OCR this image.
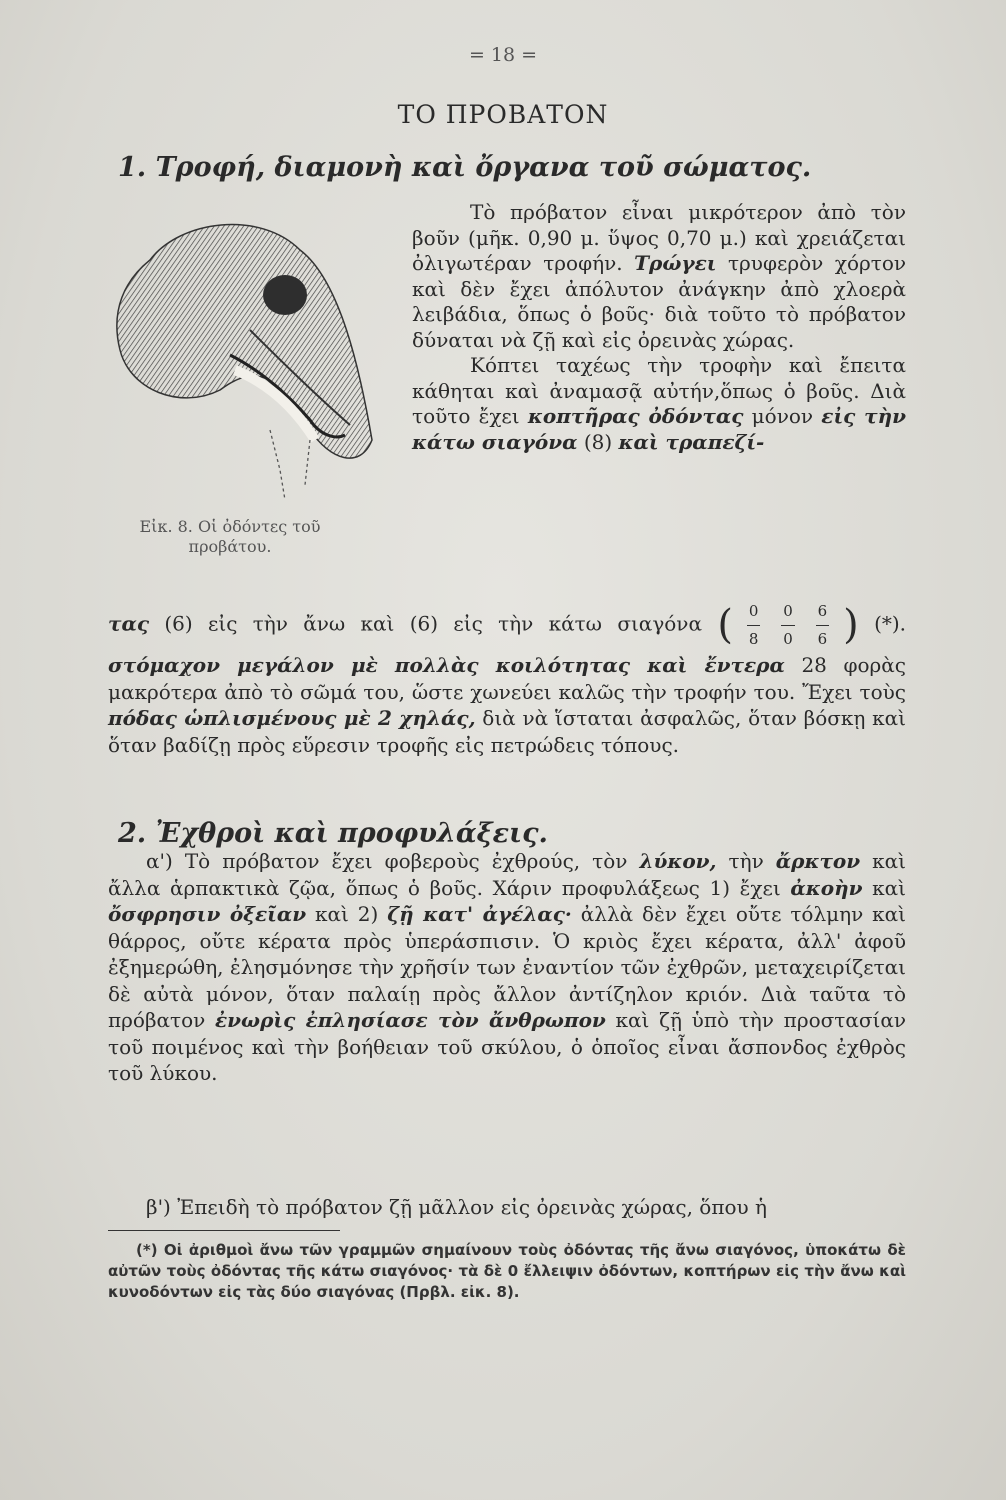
= 18 =
ΤΟ ΠΡΟΒΑΤΟΝ
1. Τροφή, διαμονὴ καὶ ὄργανα τοῦ σώματος.
Εἰκ. 8. Οἱ ὀδόντες τοῦ προβάτου.

Τὸ πρόβατον εἶναι μικρότερον ἀπὸ τὸν βοῦν (μῆκ. 0,90 μ. ὕψος 0,70 μ.) καὶ χρειάζεται ὀλιγωτέραν τροφήν. Τρώγει τρυφερὸν χόρτον καὶ δὲν ἔχει ἀπόλυτον ἀνάγκην ἀπὸ χλοερὰ λειβάδια, ὅπως ὁ βοῦς· διὰ τοῦτο τὸ πρόβατον δύναται νὰ ζῇ καὶ εἰς ὀρεινὰς χώρας.

Κόπτει ταχέως τὴν τροφὴν καὶ ἔπειτα κάθηται καὶ ἀναμασᾷ αὐτήν,ὅπως ὁ βοῦς. Διὰ τοῦτο ἔχει κοπτῆρας ὀδόντας μόνον εἰς τὴν κάτω σιαγόνα (8) καὶ τραπεζί-

τας (6) εἰς τὴν ἄνω καὶ (6) εἰς τὴν κάτω σιαγόνα ( $\frac{0}{8}$
$\frac{0}{0}$
$\frac{6}{6}$ ) (*). στόμαχον μεγάλον μὲ πολλὰς κοιλότητας καὶ ἔντερα 28 φορὰς μακρότερα ἀπὸ τὸ σῶμά του, ὥστε χωνεύει καλῶς τὴν τροφήν του. Ἔχει τοὺς πόδας ὡπλισμένους μὲ 2 χηλάς, διὰ νὰ ἵσταται ἀσφαλῶς, ὅταν βόσκῃ καὶ ὅταν βαδίζῃ πρὸς εὕρεσιν τροφῆς εἰς πετρώδεις τόπους.

2. Ἐχθροὶ καὶ προφυλάξεις.

α') Τὸ πρόβατον ἔχει φοβεροὺς ἐχθρούς, τὸν λύκον, τὴν ἄρκτον καὶ ἄλλα ἁρπακτικὰ ζῷα, ὅπως ὁ βοῦς. Χάριν προφυλάξεως 1) ἔχει ἀκοὴν καὶ ὄσφρησιν ὀξεῖαν καὶ 2) ζῇ κατ' ἀγέλας· ἀλλὰ δὲν ἔχει οὔτε τόλμην καὶ θάρρος, οὔτε κέρατα πρὸς ὑπεράσπισιν. Ὁ κριὸς ἔχει κέρατα, ἀλλ' ἀφοῦ ἐξημερώθη, ἐλησμόνησε τὴν χρῆσίν των ἐναντίον τῶν ἐχθρῶν, μεταχειρίζεται δὲ αὐτὰ μόνον, ὅταν παλαίῃ πρὸς ἄλλον ἀντίζηλον κριόν. Διὰ ταῦτα τὸ πρόβατον ἐνωρὶς ἐπλησίασε τὸν ἄνθρωπον καὶ ζῇ ὑπὸ τὴν προστασίαν τοῦ ποιμένος καὶ τὴν βοήθειαν τοῦ σκύλου, ὁ ὁποῖος εἶναι ἄσπονδος ἐχθρὸς τοῦ λύκου.

β') Ἐπειδὴ τὸ πρόβατον ζῇ μᾶλλον εἰς ὀρεινὰς χώρας, ὅπου ἡ

(*) Οἱ ἀριθμοὶ ἄνω τῶν γραμμῶν σημαίνουν τοὺς ὀδόντας τῆς ἄνω σιαγόνος, ὑποκάτω δὲ αὐτῶν τοὺς ὀδόντας τῆς κάτω σιαγόνος· τὰ δὲ 0 ἔλλειψιν ὀδόντων, κοπτήρων εἰς τὴν ἄνω καὶ κυνοδόντων εἰς τὰς δύο σιαγόνας (Πρβλ. εἰκ. 8).
